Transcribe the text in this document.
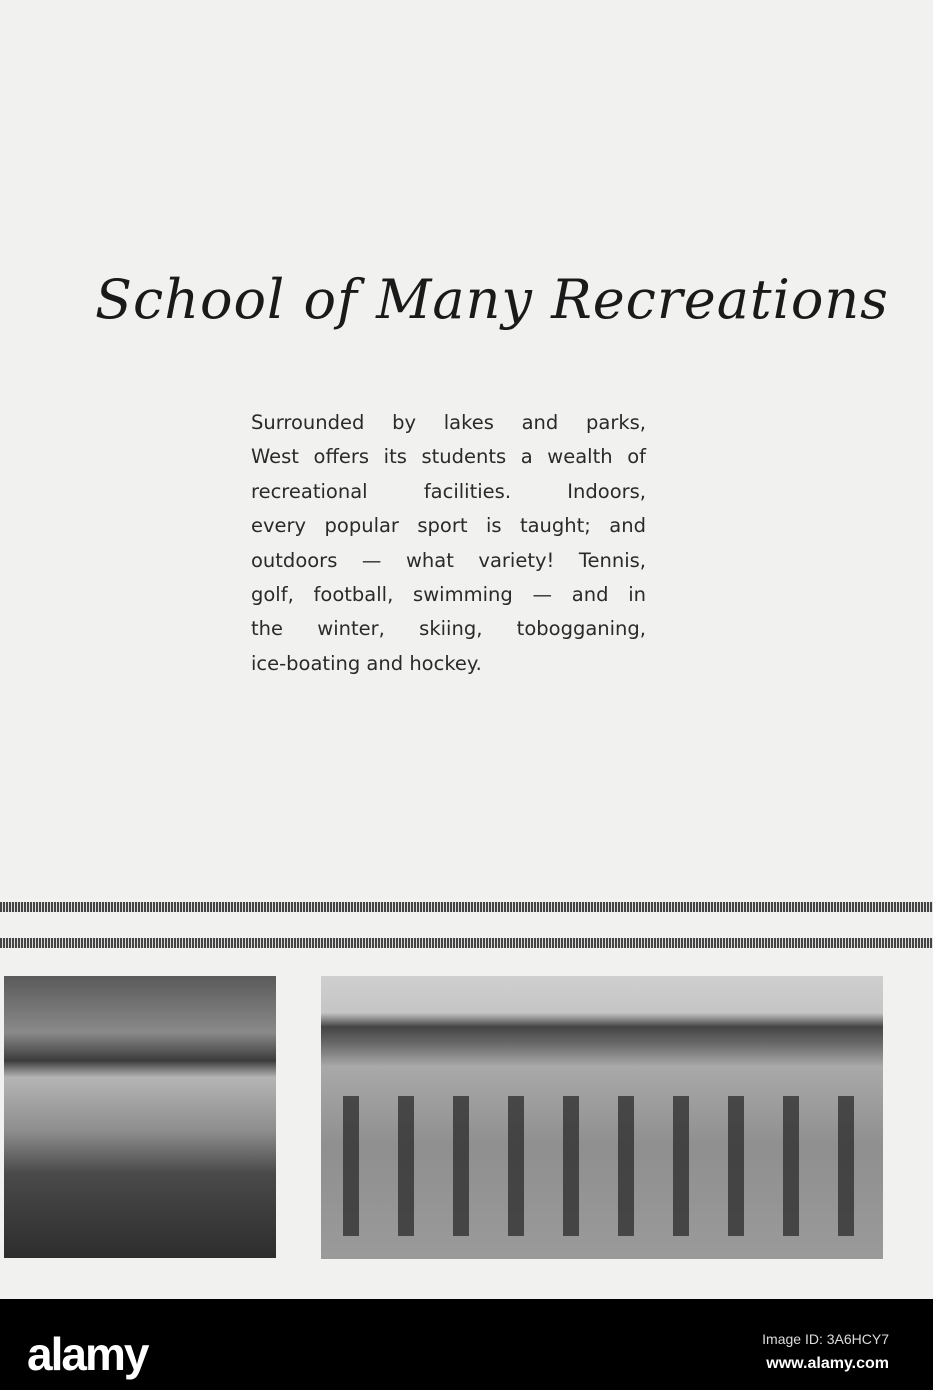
School of Many Recreations
Surrounded by lakes and parks,
West offers its students a wealth of
recreational facilities. Indoors,
every popular sport is taught; and
outdoors — what variety! Tennis,
golf, football, swimming — and in
the winter, skiing, tobogganing,
ice-boating and hockey.
alamy	Image ID: 3A6HCY7
www.alamy.com
